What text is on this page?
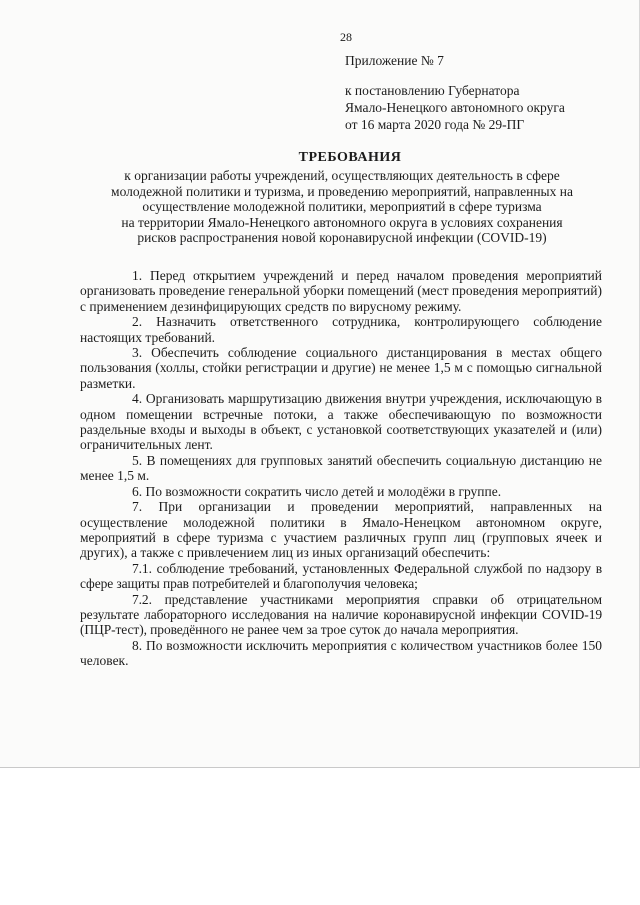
28
Приложение № 7
к постановлению Губернатора
Ямало-Ненецкого автономного округа
от 16 марта 2020 года № 29-ПГ
ТРЕБОВАНИЯ
к организации работы учреждений, осуществляющих деятельность в сфере
молодежной политики и туризма, и проведению мероприятий, направленных на
осуществление молодежной политики, мероприятий в сфере туризма
на территории Ямало-Ненецкого автономного округа в условиях сохранения
рисков распространения новой коронавирусной инфекции (COVID-19)

1. Перед открытием учреждений и перед началом проведения мероприятий организовать проведение генеральной уборки помещений (мест проведения мероприятий) с применением дезинфицирующих средств по вирусному режиму.

2. Назначить ответственного сотрудника, контролирующего соблюдение настоящих требований.

3. Обеспечить соблюдение социального дистанцирования в местах общего пользования (холлы, стойки регистрации и другие) не менее 1,5 м с помощью сигнальной разметки.

4. Организовать маршрутизацию движения внутри учреждения, исключающую в одном помещении встречные потоки, а также обеспечивающую по возможности раздельные входы и выходы в объект, с установкой соответствующих указателей и (или) ограничительных лент.

5. В помещениях для групповых занятий обеспечить социальную дистанцию не менее 1,5 м.

6. По возможности сократить число детей и молодёжи в группе.

7. При организации и проведении мероприятий, направленных на осуществление молодежной политики в Ямало-Ненецком автономном округе, мероприятий в сфере туризма с участием различных групп лиц (групповых ячеек и других), а также с привлечением лиц из иных организаций обеспечить:

7.1. соблюдение требований, установленных Федеральной службой по надзору в сфере защиты прав потребителей и благополучия человека;

7.2. представление участниками мероприятия справки об отрицательном результате лабораторного исследования на наличие коронавирусной инфекции COVID-19 (ПЦР-тест), проведённого не ранее чем за трое суток до начала мероприятия.

8. По возможности исключить мероприятия с количеством участников более 150 человек.
